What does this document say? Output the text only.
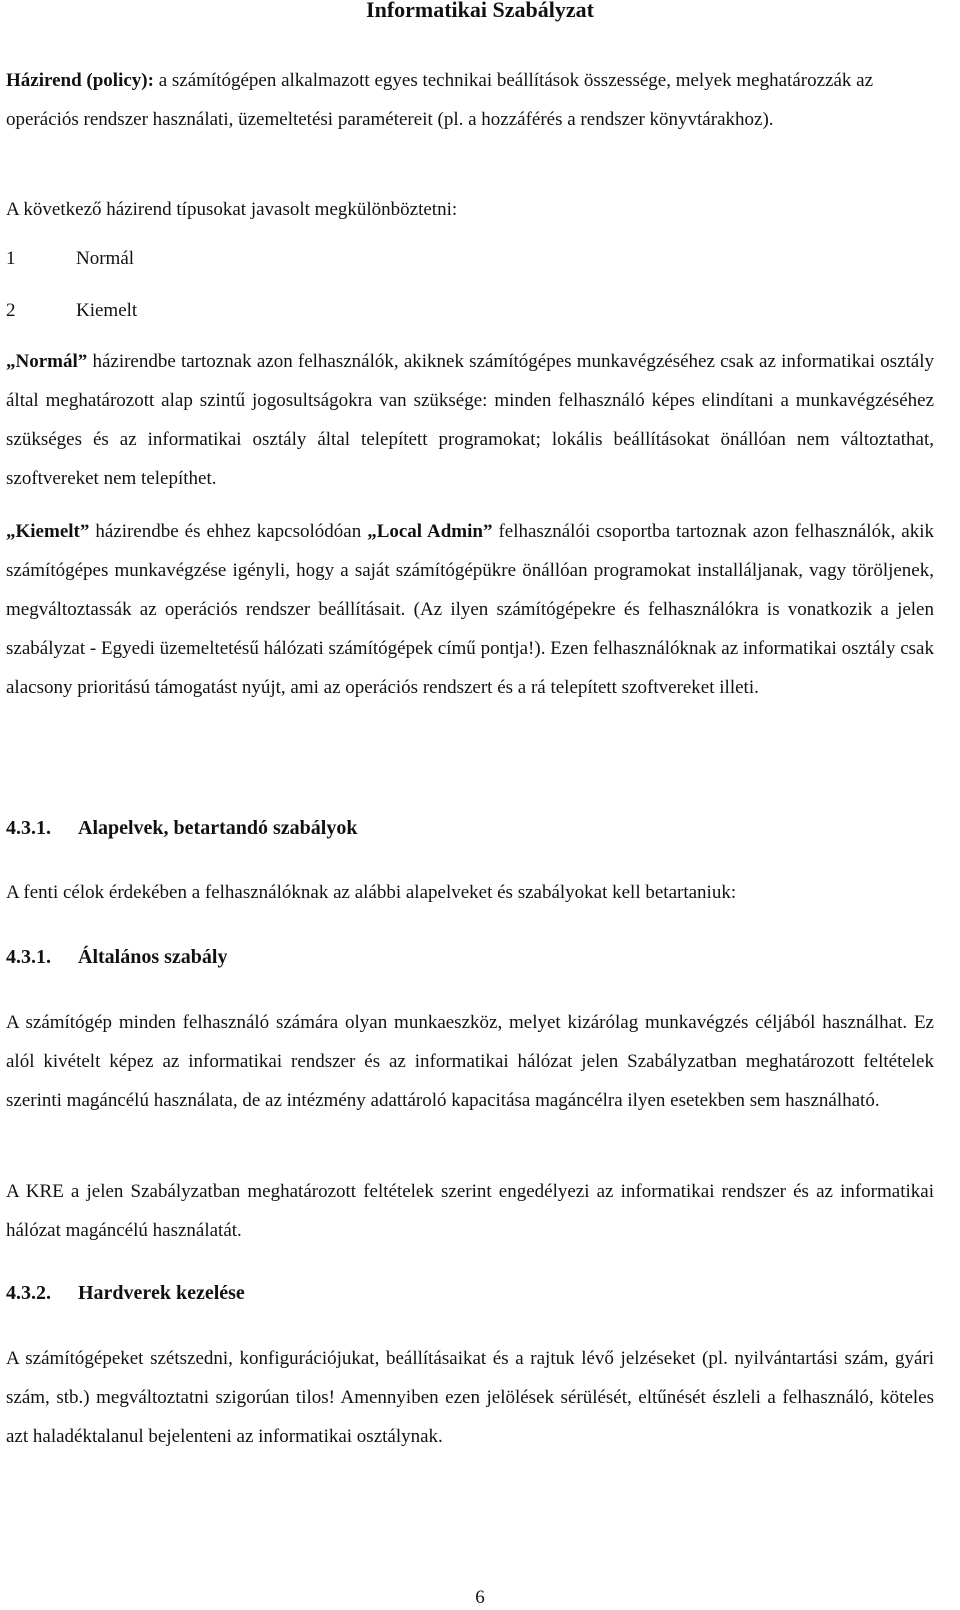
Informatikai Szabályzat

Házirend (policy): a számítógépen alkalmazott egyes technikai beállítások összessége, melyek meghatározzák az operációs rendszer használati, üzemeltetési paramétereit (pl. a hozzáférés a rendszer könyvtárakhoz).

A következő házirend típusokat javasolt megkülönböztetni:

1	Normál

2	Kiemelt

„Normál” házirendbe tartoznak azon felhasználók, akiknek számítógépes munkavégzéséhez csak az informatikai osztály által meghatározott alap szintű jogosultságokra van szüksége: minden felhasználó képes elindítani a munkavégzéséhez szükséges és az informatikai osztály által telepített programokat; lokális beállításokat önállóan nem változtathat, szoftvereket nem telepíthet.

„Kiemelt” házirendbe és ehhez kapcsolódóan „Local Admin” felhasználói csoportba tartoznak azon felhasználók, akik számítógépes munkavégzése igényli, hogy a saját számítógépükre önállóan programokat installáljanak, vagy töröljenek, megváltoztassák az operációs rendszer beállításait. (Az ilyen számítógépekre és felhasználókra is vonatkozik a jelen szabályzat - Egyedi üzemeltetésű hálózati számítógépek című pontja!). Ezen felhasználóknak az informatikai osztály csak alacsony prioritású támogatást nyújt, ami az operációs rendszert és a rá telepített szoftvereket illeti.

4.3.1. Alapelvek, betartandó szabályok

A fenti célok érdekében a felhasználóknak az alábbi alapelveket és szabályokat kell betartaniuk:

4.3.1. Általános szabály

A számítógép minden felhasználó számára olyan munkaeszköz, melyet kizárólag munkavégzés céljából használhat. Ez alól kivételt képez az informatikai rendszer és az informatikai hálózat jelen Szabályzatban meghatározott feltételek szerinti magáncélú használata, de az intézmény adattároló kapacitása magáncélra ilyen esetekben sem használható.

A KRE a jelen Szabályzatban meghatározott feltételek szerint engedélyezi az informatikai rendszer és az informatikai hálózat magáncélú használatát.

4.3.2. Hardverek kezelése

A számítógépeket szétszedni, konfigurációjukat, beállításaikat és a rajtuk lévő jelzéseket (pl. nyilvántartási szám, gyári szám, stb.) megváltoztatni szigorúan tilos! Amennyiben ezen jelölések sérülését, eltűnését észleli a felhasználó, köteles azt haladéktalanul bejelenteni az informatikai osztálynak.

6
